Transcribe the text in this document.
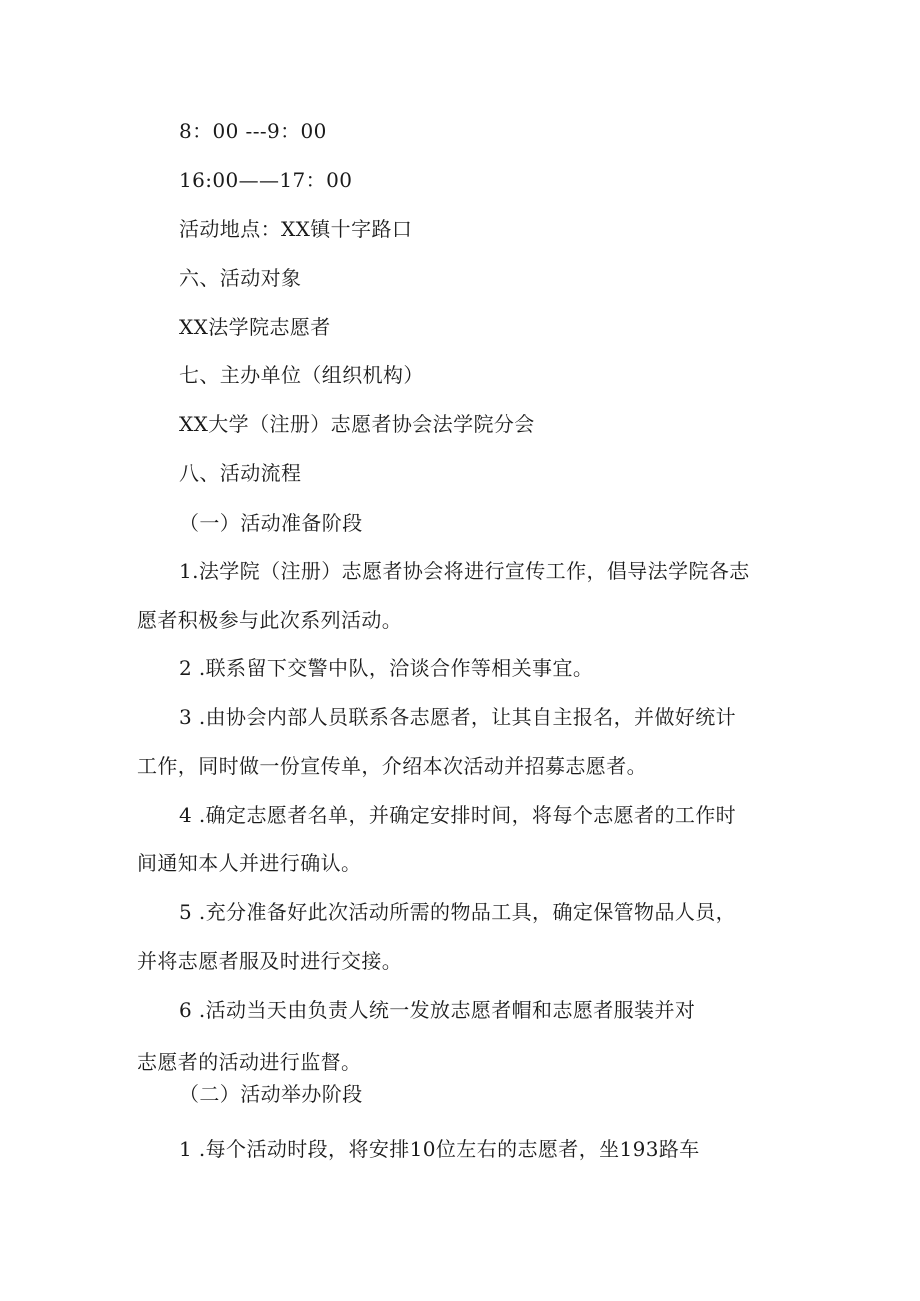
8：00 ---9：00
16:00——17：00
活动地点：XX镇十字路口
六、活动对象
XX法学院志愿者
七、主办单位（组织机构）
XX大学（注册）志愿者协会法学院分会
八、活动流程
（一）活动准备阶段
1.法学院（注册）志愿者协会将进行宣传工作，倡导法学院各志
愿者积极参与此次系列活动。
2 .联系留下交警中队，洽谈合作等相关事宜。
3 .由协会内部人员联系各志愿者，让其自主报名，并做好统计
工作，同时做一份宣传单，介绍本次活动并招募志愿者。
4 .确定志愿者名单，并确定安排时间，将每个志愿者的工作时
间通知本人并进行确认。
5 .充分准备好此次活动所需的物品工具，确定保管物品人员，
并将志愿者服及时进行交接。
6 .活动当天由负责人统一发放志愿者帽和志愿者服装并对
志愿者的活动进行监督。
（二）活动举办阶段
1 .每个活动时段，将安排10位左右的志愿者，坐193路车
